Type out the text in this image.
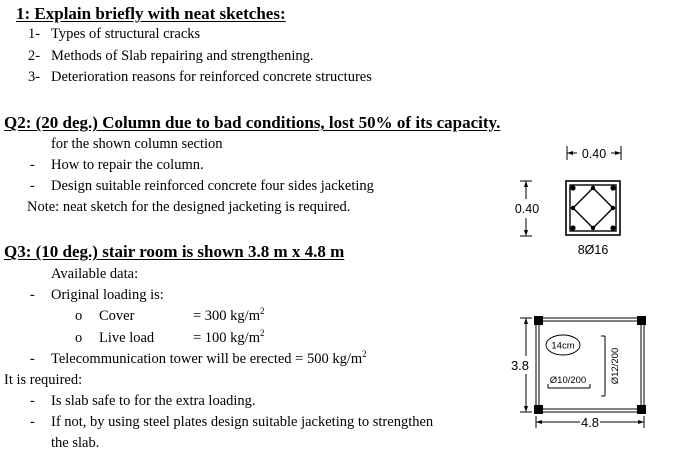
1: Explain briefly with neat sketches:
1- Types of structural cracks
2- Methods of Slab repairing and strengthening.
3- Deterioration reasons for reinforced concrete structures
Q2: (20 deg.) Column due to bad conditions, lost 50% of its capacity.
for the shown column section
- How to repair the column.
- Design suitable reinforced concrete four sides jacketing
Note: neat sketch for the designed jacketing is required.
0.40
0.40
8Ø16
3.8
14cm
Ø10/200	Ø12/200
4.8
Q3: (10 deg.) stair room is shown 3.8 m x 4.8 m
Available data:
- Original loading is:
o Cover	= 300 $kg/m^2$
o Live load	= 100 $kg/m^2$
- Telecommunication tower will be erected = 500 $kg/m^2$
It is required:
- Is slab safe to for the extra loading.
- If not, by using steel plates design suitable jacketing to strengthen
the slab.
